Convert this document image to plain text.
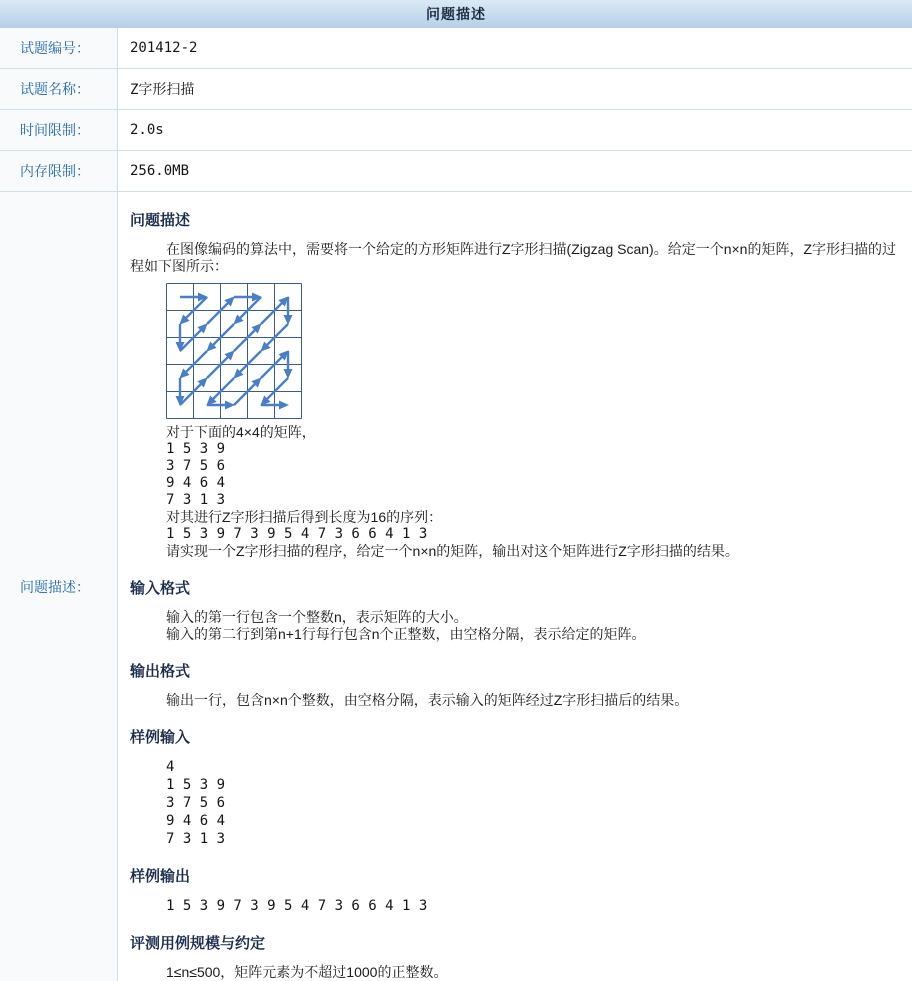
问题描述
试题编号：	201412-2
试题名称：	Z字形扫描
时间限制：	2.0s
内存限制：	256.0MB
问题描述：
问题描述
在图像编码的算法中，需要将一个给定的方形矩阵进行Z字形扫描(Zigzag Scan)。给定一个n×n的矩阵，Z字形扫描的过程如下图所示：
对于下面的4×4的矩阵，
1 5 3 9
3 7 5 6
9 4 6 4
7 3 1 3
对其进行Z字形扫描后得到长度为16的序列：
1 5 3 9 7 3 9 5 4 7 3 6 6 4 1 3
请实现一个Z字形扫描的程序，给定一个n×n的矩阵，输出对这个矩阵进行Z字形扫描的结果。
输入格式
输入的第一行包含一个整数n，表示矩阵的大小。
输入的第二行到第n+1行每行包含n个正整数，由空格分隔，表示给定的矩阵。
输出格式
输出一行，包含n×n个整数，由空格分隔，表示输入的矩阵经过Z字形扫描后的结果。
样例输入
4
1 5 3 9
3 7 5 6
9 4 6 4
7 3 1 3
样例输出
1 5 3 9 7 3 9 5 4 7 3 6 6 4 1 3
评测用例规模与约定
1≤n≤500，矩阵元素为不超过1000的正整数。
